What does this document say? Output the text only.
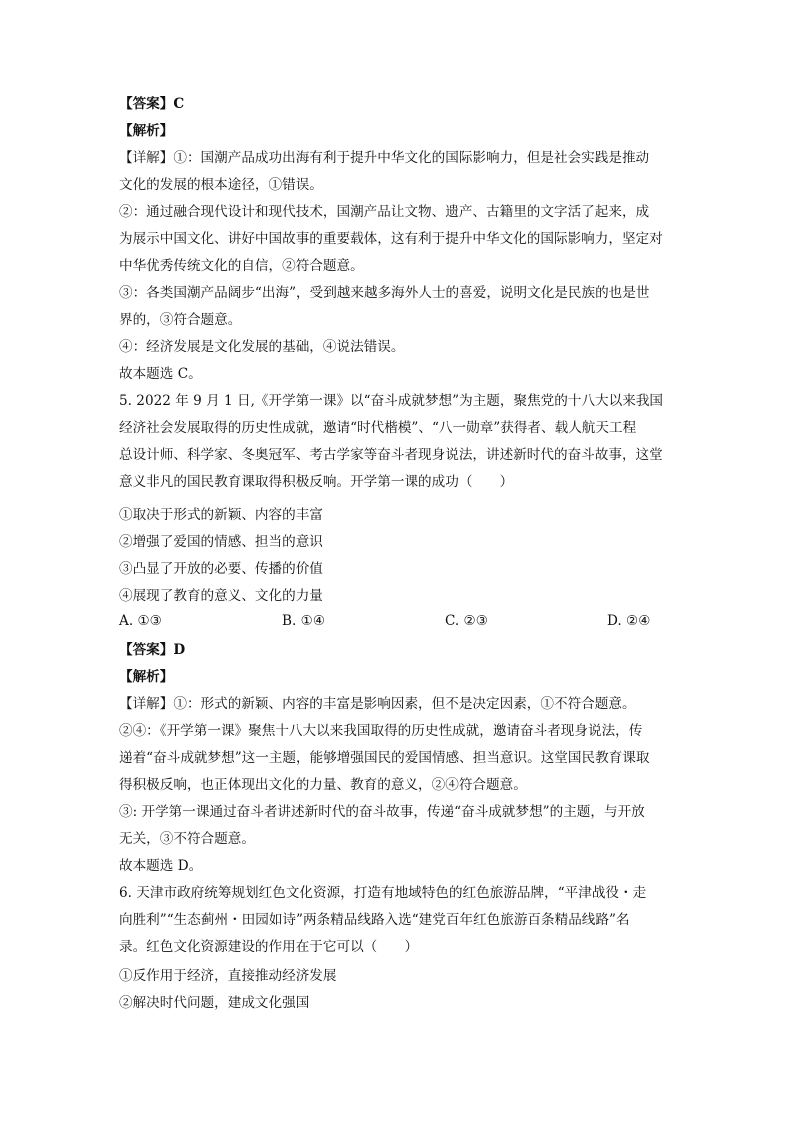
【答案】C
【解析】
【详解】①：国潮产品成功出海有利于提升中华文化的国际影响力，但是社会实践是推动
文化的发展的根本途径，①错误。
②：通过融合现代设计和现代技术，国潮产品让文物、遗产、古籍里的文字活了起来，成
为展示中国文化、讲好中国故事的重要载体，这有利于提升中华文化的国际影响力，坚定对
中华优秀传统文化的自信，②符合题意。
③：各类国潮产品阔步“出海”，受到越来越多海外人士的喜爱，说明文化是民族的也是世
界的，③符合题意。
④：经济发展是文化发展的基础，④说法错误。
故本题选 C。
5. 2022 年 9 月 1 日,《开学第一课》以“奋斗成就梦想”为主题，聚焦党的十八大以来我国
经济社会发展取得的历史性成就，邀请“时代楷模”、“八一勋章”获得者、载人航天工程
总设计师、科学家、冬奥冠军、考古学家等奋斗者现身说法，讲述新时代的奋斗故事，这堂
意义非凡的国民教育课取得积极反响。开学第一课的成功（　　）
①取决于形式的新颖、内容的丰富
②增强了爱国的情感、担当的意识
③凸显了开放的必要、传播的价值
④展现了教育的意义、文化的力量
A. ①③	B. ①④	C. ②③	D. ②④
【答案】D
【解析】
【详解】①：形式的新颖、内容的丰富是影响因素，但不是决定因素，①不符合题意。
②④：《开学第一课》聚焦十八大以来我国取得的历史性成就，邀请奋斗者现身说法，传
递着“奋斗成就梦想”这一主题，能够增强国民的爱国情感、担当意识。这堂国民教育课取
得积极反响，也正体现出文化的力量、教育的意义，②④符合题意。
③: 开学第一课通过奋斗者讲述新时代的奋斗故事，传递“奋斗成就梦想”的主题，与开放
无关，③不符合题意。
故本题选 D。
6. 天津市政府统筹规划红色文化资源，打造有地域特色的红色旅游品牌，“平津战役・走
向胜利”“生态蓟州・田园如诗”两条精品线路入选“建党百年红色旅游百条精品线路”名
录。红色文化资源建设的作用在于它可以（　　）
①反作用于经济，直接推动经济发展
②解决时代问题，建成文化强国
